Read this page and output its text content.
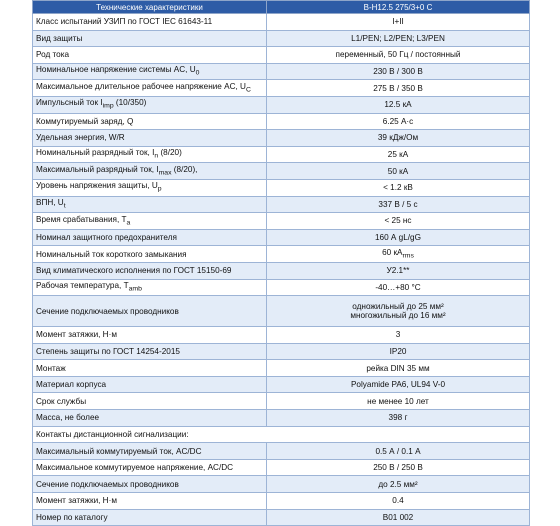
Технические характеристики	B-H12.5 275/3+0 C
Класс испытаний УЗИП по ГОСТ IEC 61643-11	I+II
Вид защиты	L1/PEN; L2/PEN; L3/PEN
Род тока	переменный, 50 Гц / постоянный
Номинальное напряжение системы AC, $U_0$	230 В / 300 В
Максимальное длительное рабочее напряжение AC, $U_C$	275 В / 350 В
Импульсный ток $I_{imp}$ (10/350)	12.5 кА
Коммутируемый заряд, Q	6.25 А·с
Удельная энергия, W/R	39 кДж/Ом
Номинальный разрядный ток, $I_n$ (8/20)	25 кА
Максимальный разрядный ток, $I_{max}$ (8/20),	50 кА
Уровень напряжения защиты, $U_p$	< 1.2 кВ
ВПН, $U_t$	337 В / 5 с
Время срабатывания, $T_a$	< 25 нс
Номинал защитного предохранителя	160 А gL/gG
Номинальный ток короткого замыкания	60 $кА_{rms}$
Вид климатического исполнения по ГОСТ 15150-69	У2.1**
Рабочая температура, $T_{amb}$	-40…+80 °C
Сечение подключаемых проводников	одножильный до 25 мм²
многожильный до 16 мм²

Момент затяжки, Н·м	3
Степень защиты по ГОСТ 14254-2015	IP20
Монтаж	рейка DIN 35 мм
Материал корпуса	Polyamide PA6, UL94 V-0
Срок службы	не менее 10 лет
Масса, не более	398 г
Контакты дистанционной сигнализации:	
Максимальный коммутируемый ток, AC/DC	0.5 А / 0.1 А
Максимальное коммутируемое напряжение, AC/DC	250 В / 250 В
Сечение подключаемых проводников	до 2.5 мм²
Момент затяжки, Н·м	0.4
Номер по каталогу	B01 002
